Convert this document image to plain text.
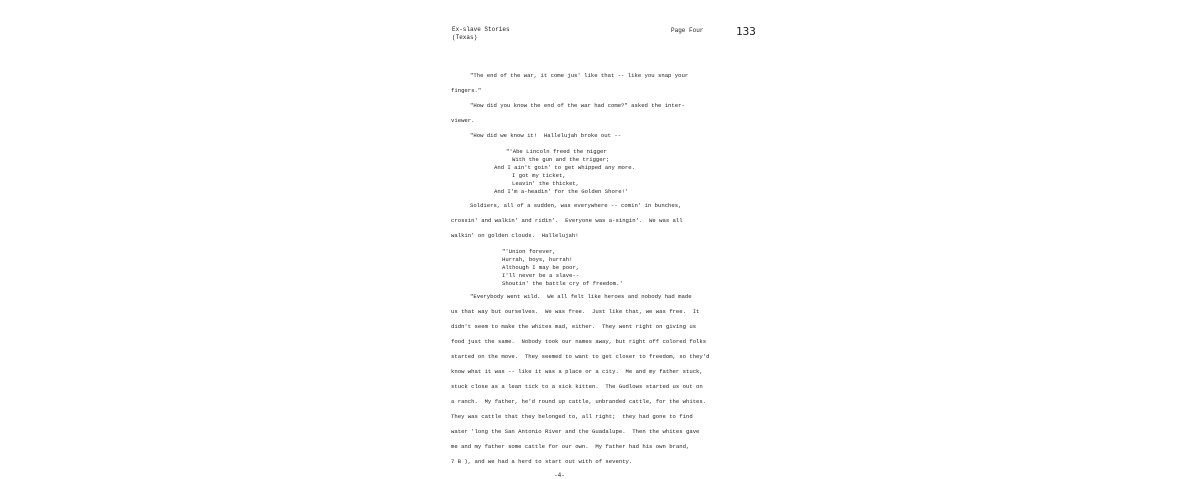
Ex-slave Stories
(Texas)
Page Four	133
"The end of the war, it come jus' like that -- like you snap your
fingers."
"How did you know the end of the war had come?" asked the inter-
viewer.
"How did we know it!  Hallelujah broke out --
"'Abe Lincoln freed the nigger
With the gun and the trigger;
And I ain't goin' to get whipped any more.
I got my ticket,
Leavin' the thicket,
And I'm a-headin' for the Golden Shore!'
Soldiers, all of a sudden, was everywhere -- comin' in bunches,
crossin' and walkin' and ridin'.  Everyone was a-singin'.  We was all
walkin' on golden clouds.  Hallelujah!
"'Union forever,
Hurrah, boys, hurrah!
Although I may be poor,
I'll never be a slave--
Shoutin' the battle cry of freedom.'
"Everybody went wild.  We all felt like heroes and nobody had made
us that way but ourselves.  We was free.  Just like that, we was free.  It
didn't seem to make the whites mad, either.  They went right on giving us
food just the same.  Nobody took our names away, but right off colored folks
started on the move.  They seemed to want to get closer to freedom, so they'd
know what it was -- like it was a place or a city.  Me and my father stuck,
stuck close as a lean tick to a sick kitten.  The Gudlows started us out on
a ranch.  My father, he'd round up cattle, unbranded cattle, for the whites.
They was cattle that they belonged to, all right;  they had gone to find
water 'long the San Antonio River and the Guadalupe.  Then the whites gave
me and my father some cattle for our own.  My father had his own brand,
7 B ), and we had a herd to start out with of seventy.
-4-
